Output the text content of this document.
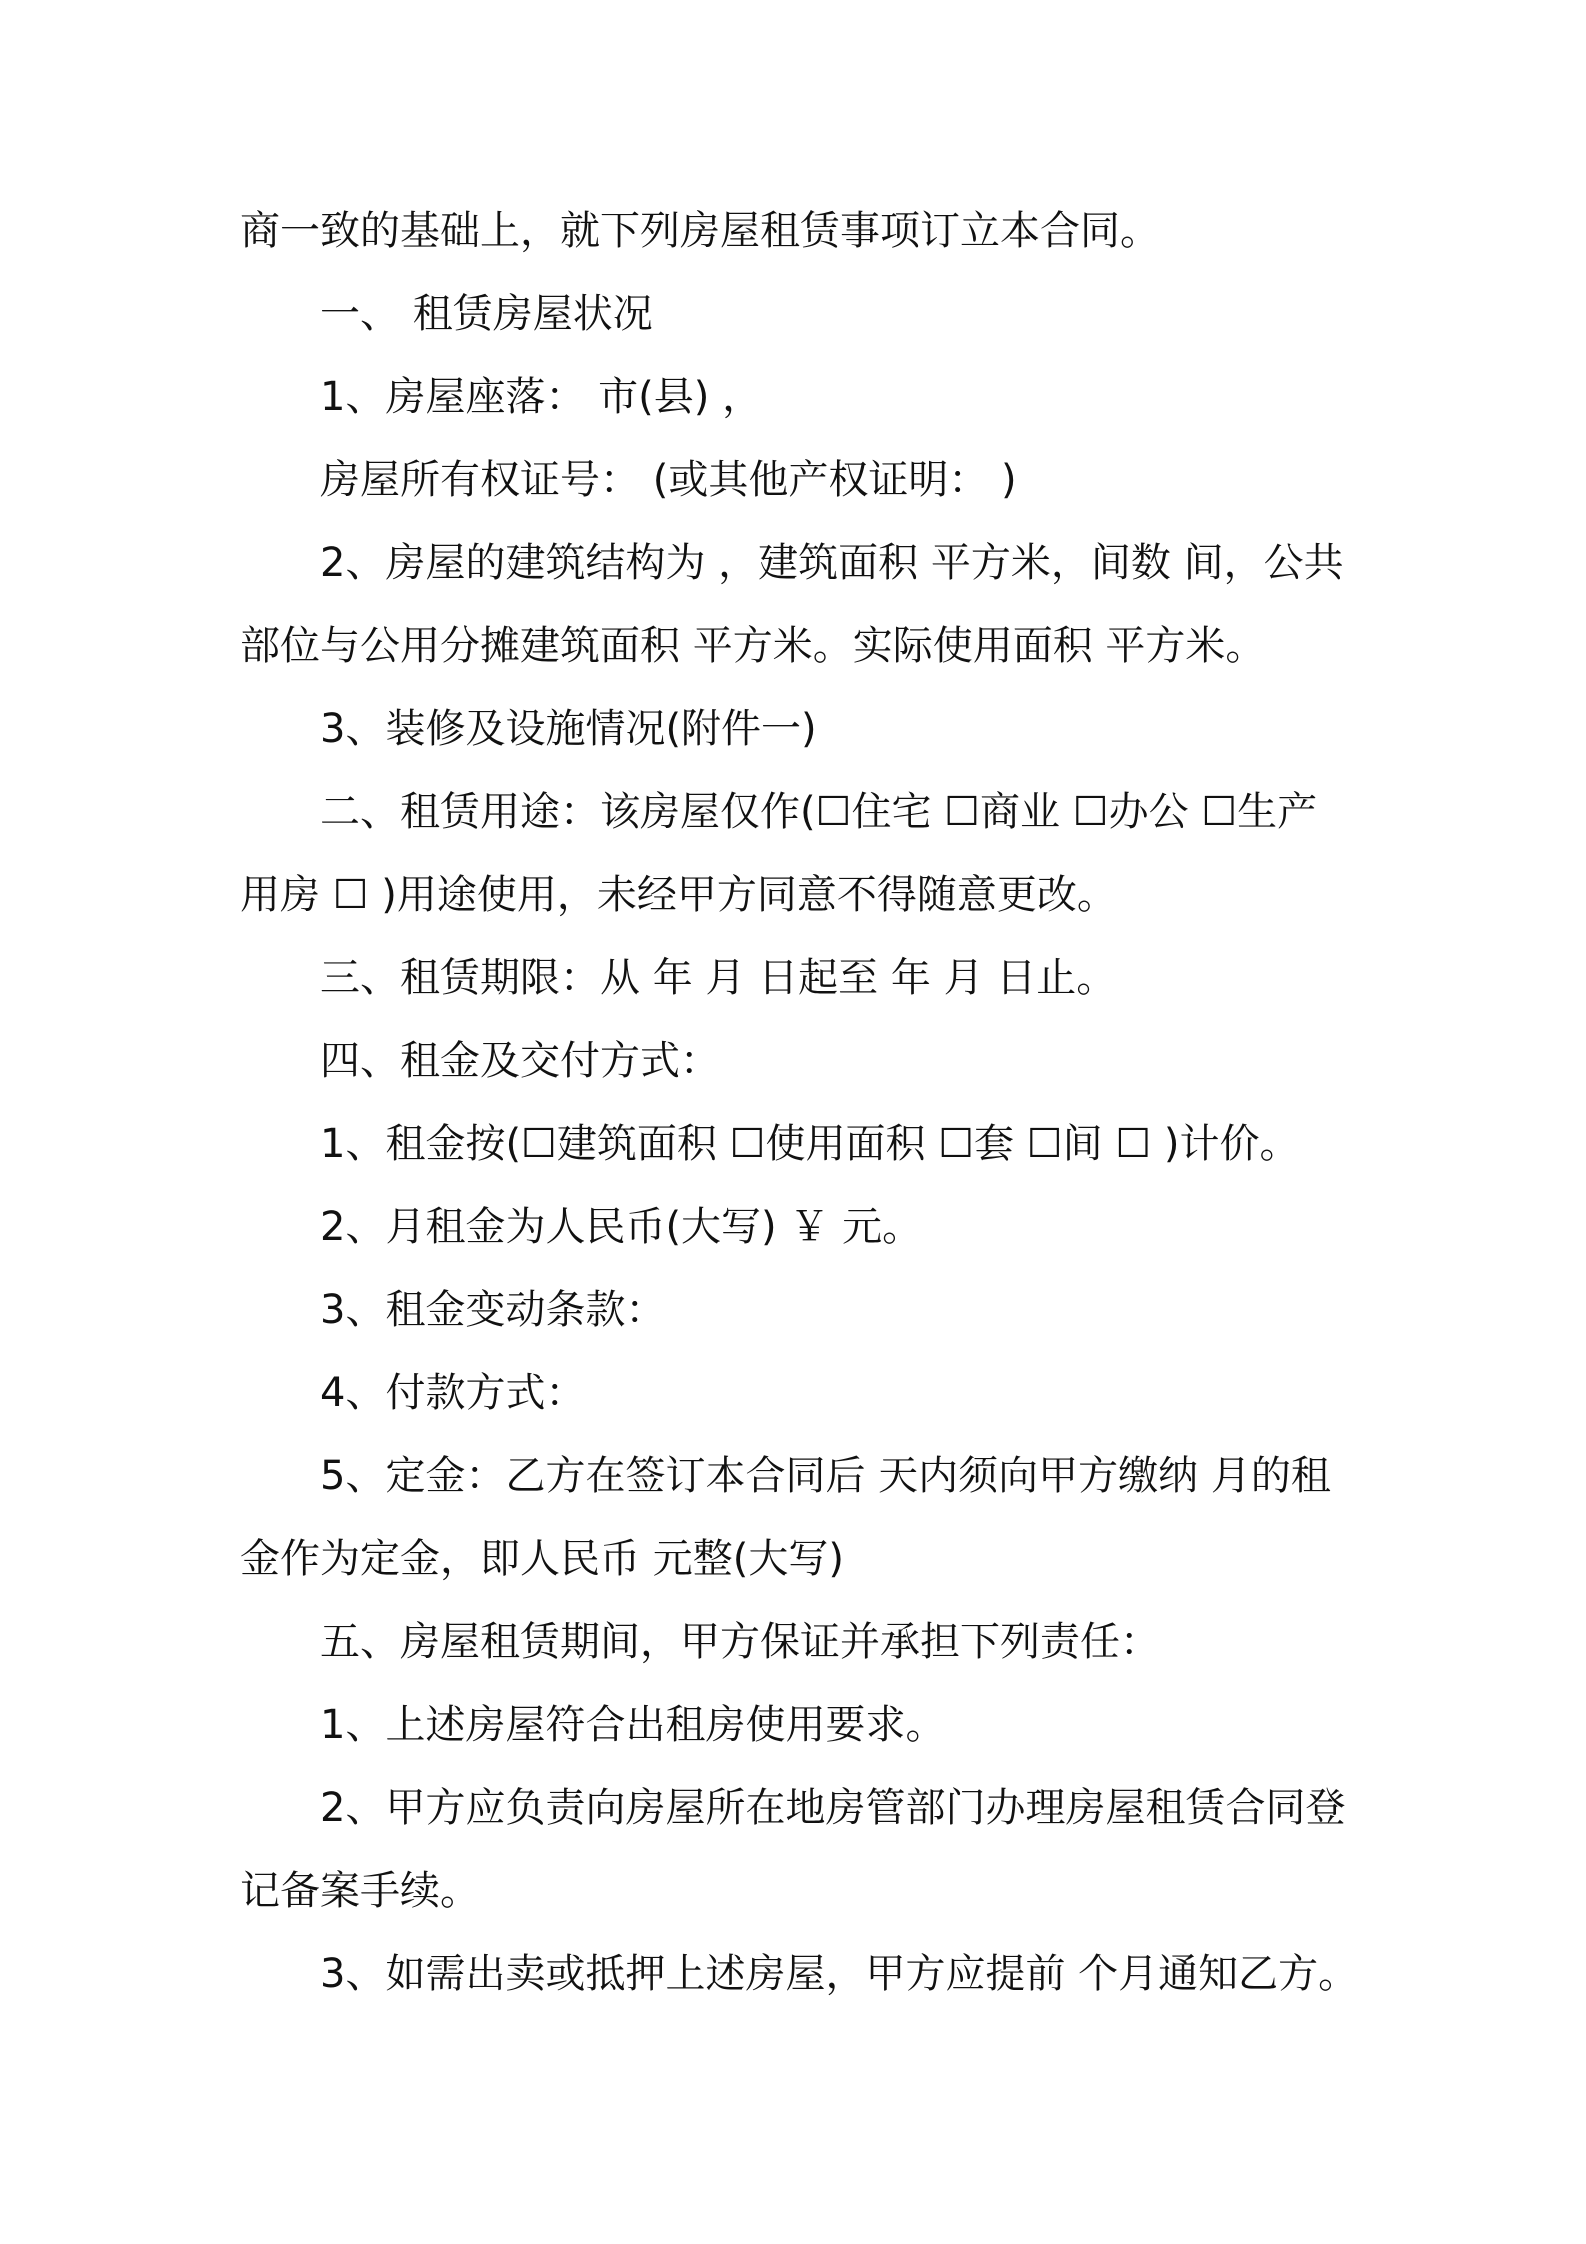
商一致的基础上，就下列房屋租赁事项订立本合同。

一、 租赁房屋状况

1、房屋座落： 市(县) ，

房屋所有权证号： (或其他产权证明： )

2、房屋的建筑结构为 ，建筑面积 平方米，间数 间，公共

部位与公用分摊建筑面积 平方米。实际使用面积 平方米。

3、装修及设施情况(附件一)

二、租赁用途：该房屋仅作(☐住宅 ☐商业 ☐办公 ☐生产

用房 ☐ )用途使用，未经甲方同意不得随意更改。

三、租赁期限：从 年 月 日起至 年 月 日止。

四、租金及交付方式：

1、租金按(☐建筑面积 ☐使用面积 ☐套 ☐间 ☐ )计价。

2、月租金为人民币(大写) ￥ 元。

3、租金变动条款：

4、付款方式：

5、定金：乙方在签订本合同后 天内须向甲方缴纳 月的租

金作为定金，即人民币 元整(大写)

五、房屋租赁期间，甲方保证并承担下列责任：

1、上述房屋符合出租房使用要求。

2、甲方应负责向房屋所在地房管部门办理房屋租赁合同登

记备案手续。

3、如需出卖或抵押上述房屋，甲方应提前 个月通知乙方。
